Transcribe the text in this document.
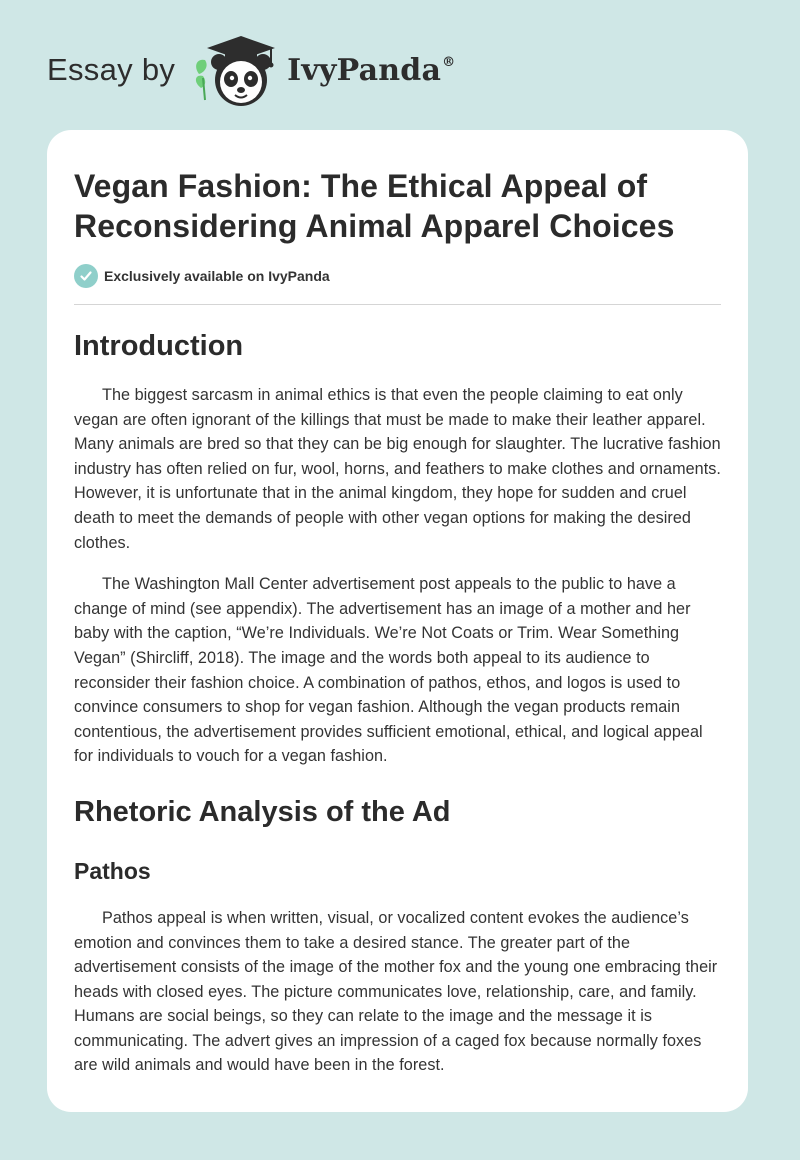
Essay by	IvyPanda®
Vegan Fashion: The Ethical Appeal of Reconsidering Animal Apparel Choices
Exclusively available on IvyPanda
Introduction

The biggest sarcasm in animal ethics is that even the people claiming to eat only vegan are often ignorant of the killings that must be made to make their leather apparel. Many animals are bred so that they can be big enough for slaughter. The lucrative fashion industry has often relied on fur, wool, horns, and feathers to make clothes and ornaments. However, it is unfortunate that in the animal kingdom, they hope for sudden and cruel death to meet the demands of people with other vegan options for making the desired clothes.

The Washington Mall Center advertisement post appeals to the public to have a change of mind (see appendix). The advertisement has an image of a mother and her baby with the caption, “We’re Individuals. We’re Not Coats or Trim. Wear Something Vegan” (Shircliff, 2018). The image and the words both appeal to its audience to reconsider their fashion choice. A combination of pathos, ethos, and logos is used to convince consumers to shop for vegan fashion. Although the vegan products remain contentious, the advertisement provides sufficient emotional, ethical, and logical appeal for individuals to vouch for a vegan fashion.

Rhetoric Analysis of the Ad
Pathos

Pathos appeal is when written, visual, or vocalized content evokes the audience’s emotion and convinces them to take a desired stance. The greater part of the advertisement consists of the image of the mother fox and the young one embracing their heads with closed eyes. The picture communicates love, relationship, care, and family. Humans are social beings, so they can relate to the image and the message it is communicating. The advert gives an impression of a caged fox because normally foxes are wild animals and would have been in the forest.
